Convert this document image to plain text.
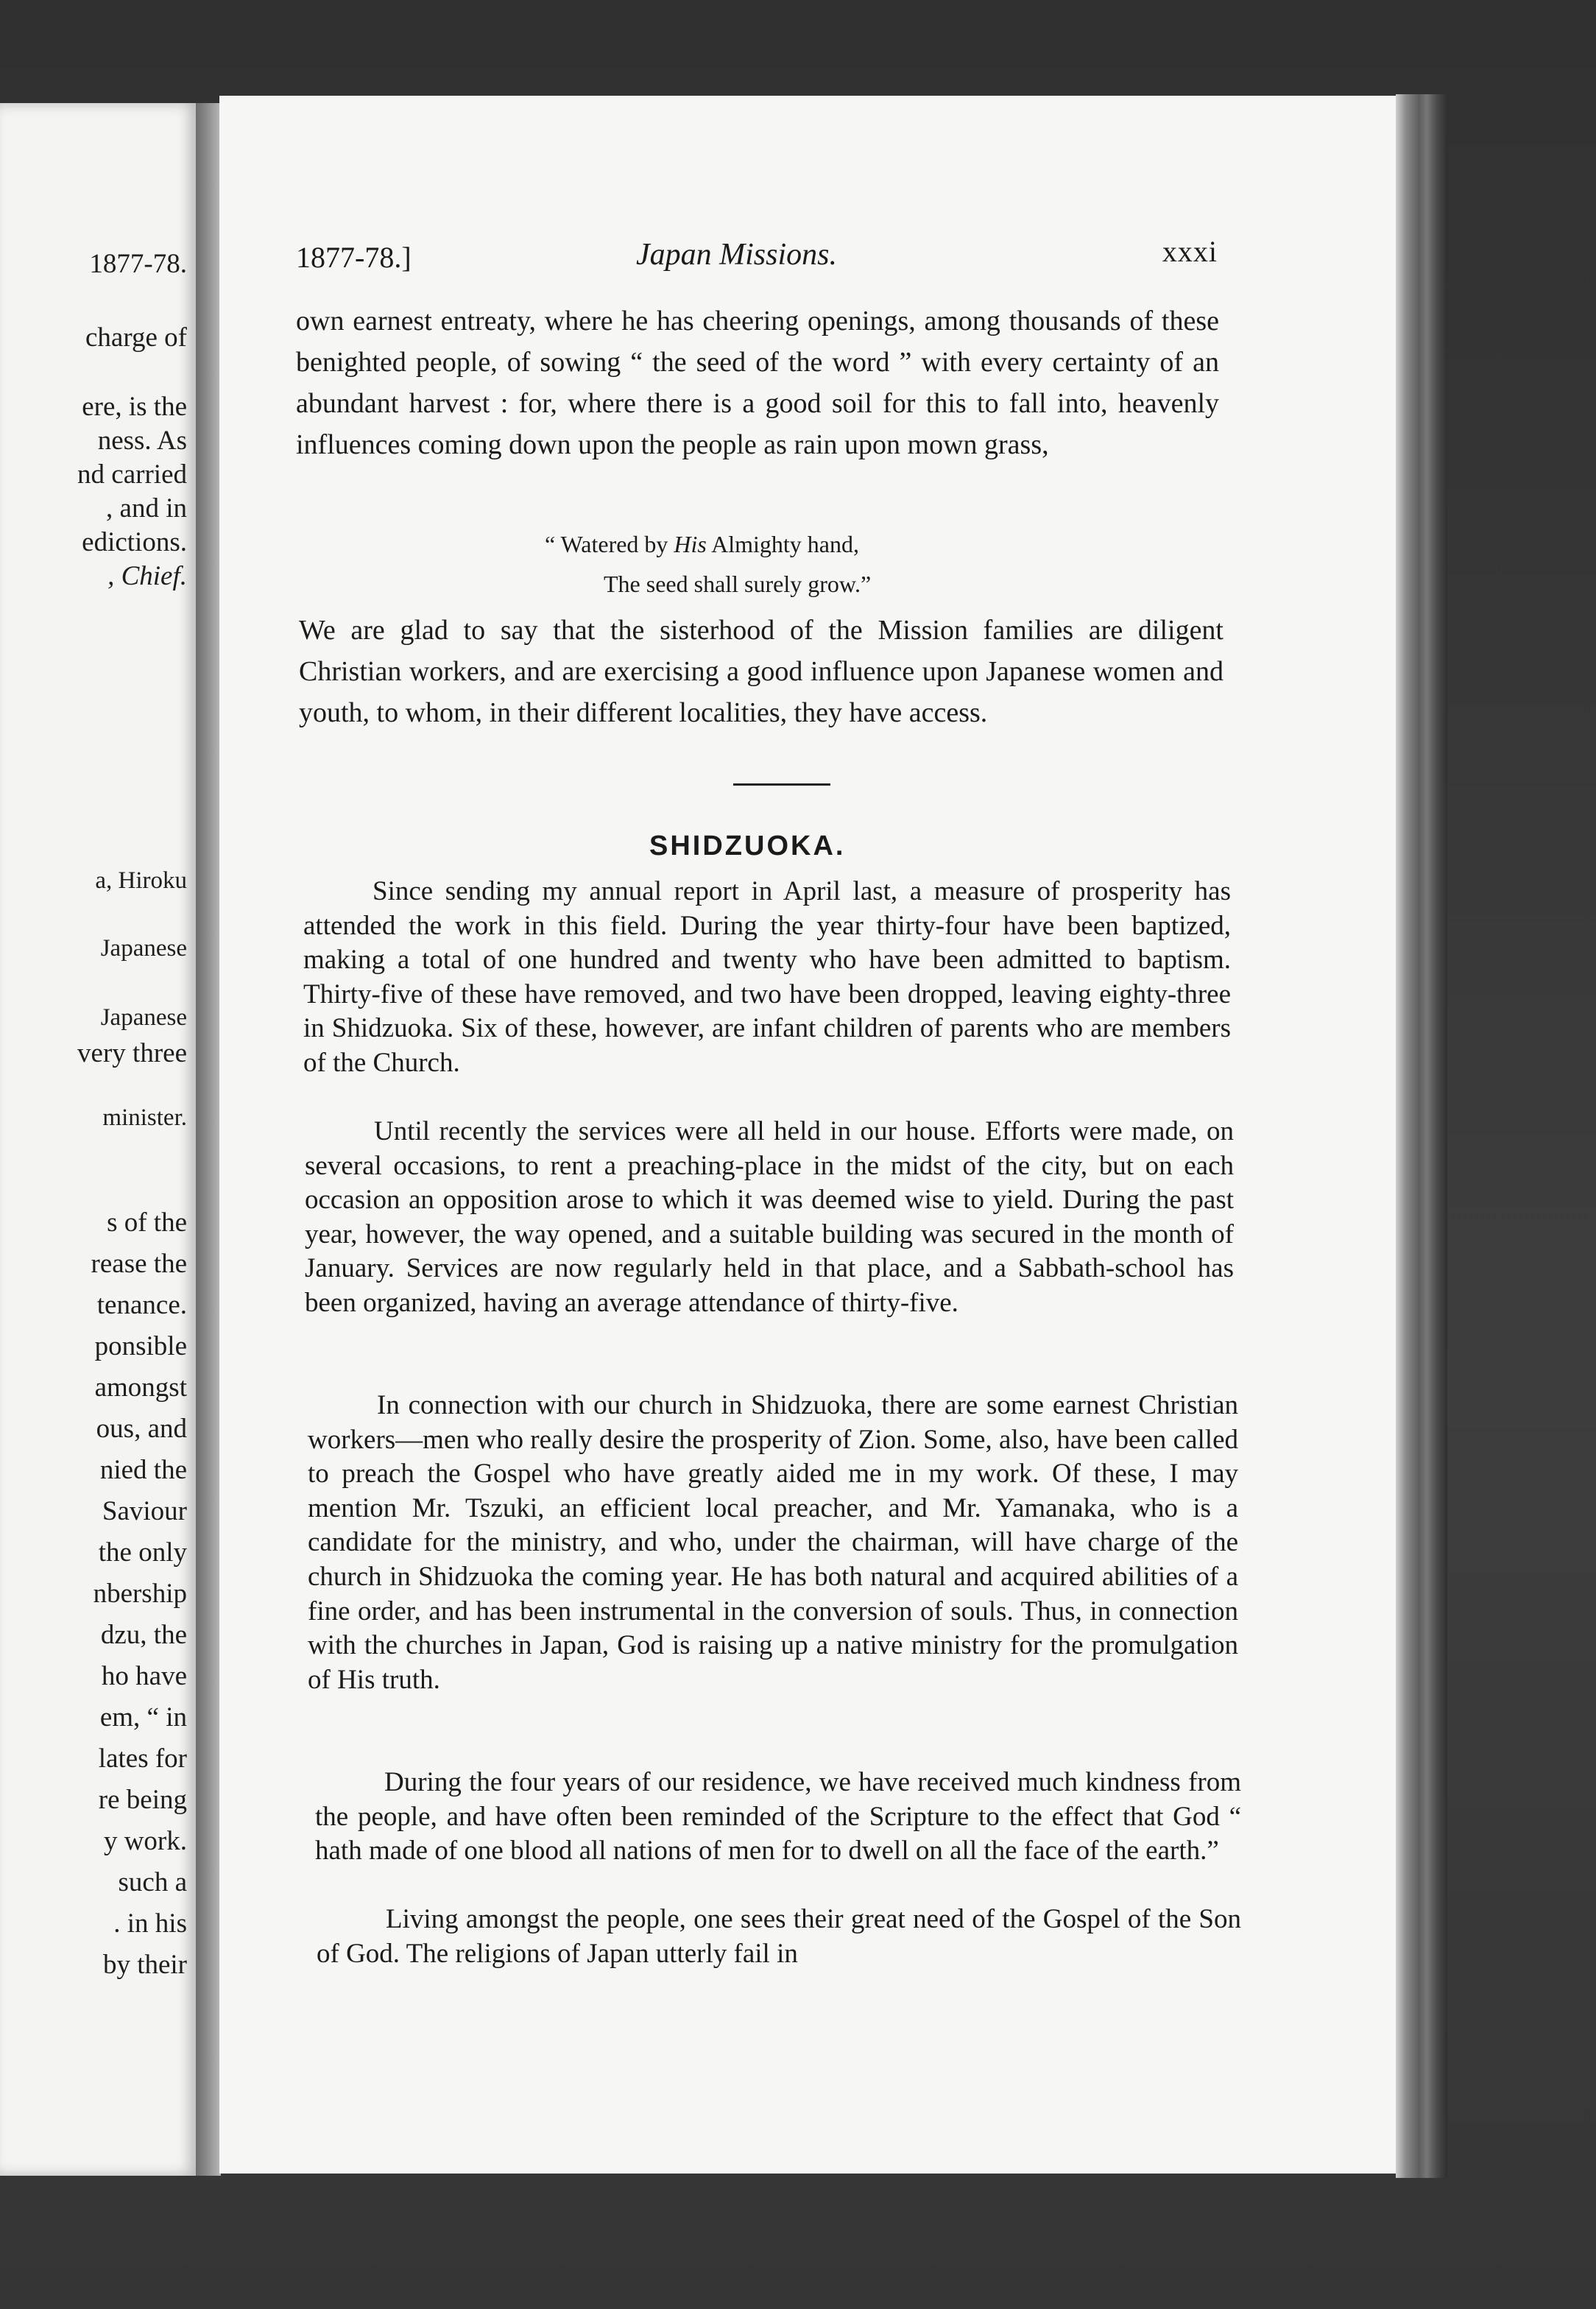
1877-78.
charge of
ere, is the
ness. As
nd carried
, and in
edictions.
, Chief.
a, Hiroku
Japanese
Japanese
very three
minister.
s of the
rease the
tenance.
ponsible
amongst
ous, and
nied the
Saviour
the only
nbership
dzu, the
ho have
em, “ in
lates for
re being
y work.
such a
. in his
by their
1877-78.]	Japan Missions.	xxxi

own earnest entreaty, where he has cheering openings, among thousands of these benighted people, of sowing “ the seed of the word ” with every certainty of an abundant harvest : for, where there is a good soil for this to fall into, heavenly influences coming down upon the people as rain upon mown grass,

“ Watered by His Almighty hand,
The seed shall surely grow.”

We are glad to say that the sisterhood of the Mission families are diligent Christian workers, and are exercising a good influence upon Japanese women and youth, to whom, in their different localities, they have access.

SHIDZUOKA.

Since sending my annual report in April last, a measure of prosperity has attended the work in this field. During the year thirty-four have been baptized, making a total of one hundred and twenty who have been admitted to baptism. Thirty-five of these have removed, and two have been dropped, leaving eighty-three in Shidzuoka. Six of these, however, are infant children of parents who are members of the Church.

Until recently the services were all held in our house. Efforts were made, on several occasions, to rent a preaching-place in the midst of the city, but on each occasion an opposition arose to which it was deemed wise to yield. During the past year, however, the way opened, and a suitable building was secured in the month of January. Services are now regularly held in that place, and a Sabbath-school has been organized, having an average attendance of thirty-five.

In connection with our church in Shidzuoka, there are some earnest Christian workers—men who really desire the prosperity of Zion. Some, also, have been called to preach the Gospel who have greatly aided me in my work. Of these, I may mention Mr. Tszuki, an efficient local preacher, and Mr. Yamanaka, who is a candidate for the ministry, and who, under the chairman, will have charge of the church in Shidzuoka the coming year. He has both natural and acquired abilities of a fine order, and has been instrumental in the conversion of souls. Thus, in connection with the churches in Japan, God is raising up a native ministry for the promulgation of His truth.

During the four years of our residence, we have received much kindness from the people, and have often been reminded of the Scripture to the effect that God “ hath made of one blood all nations of men for to dwell on all the face of the earth.”

Living amongst the people, one sees their great need of the Gospel of the Son of God. The religions of Japan utterly fail in
